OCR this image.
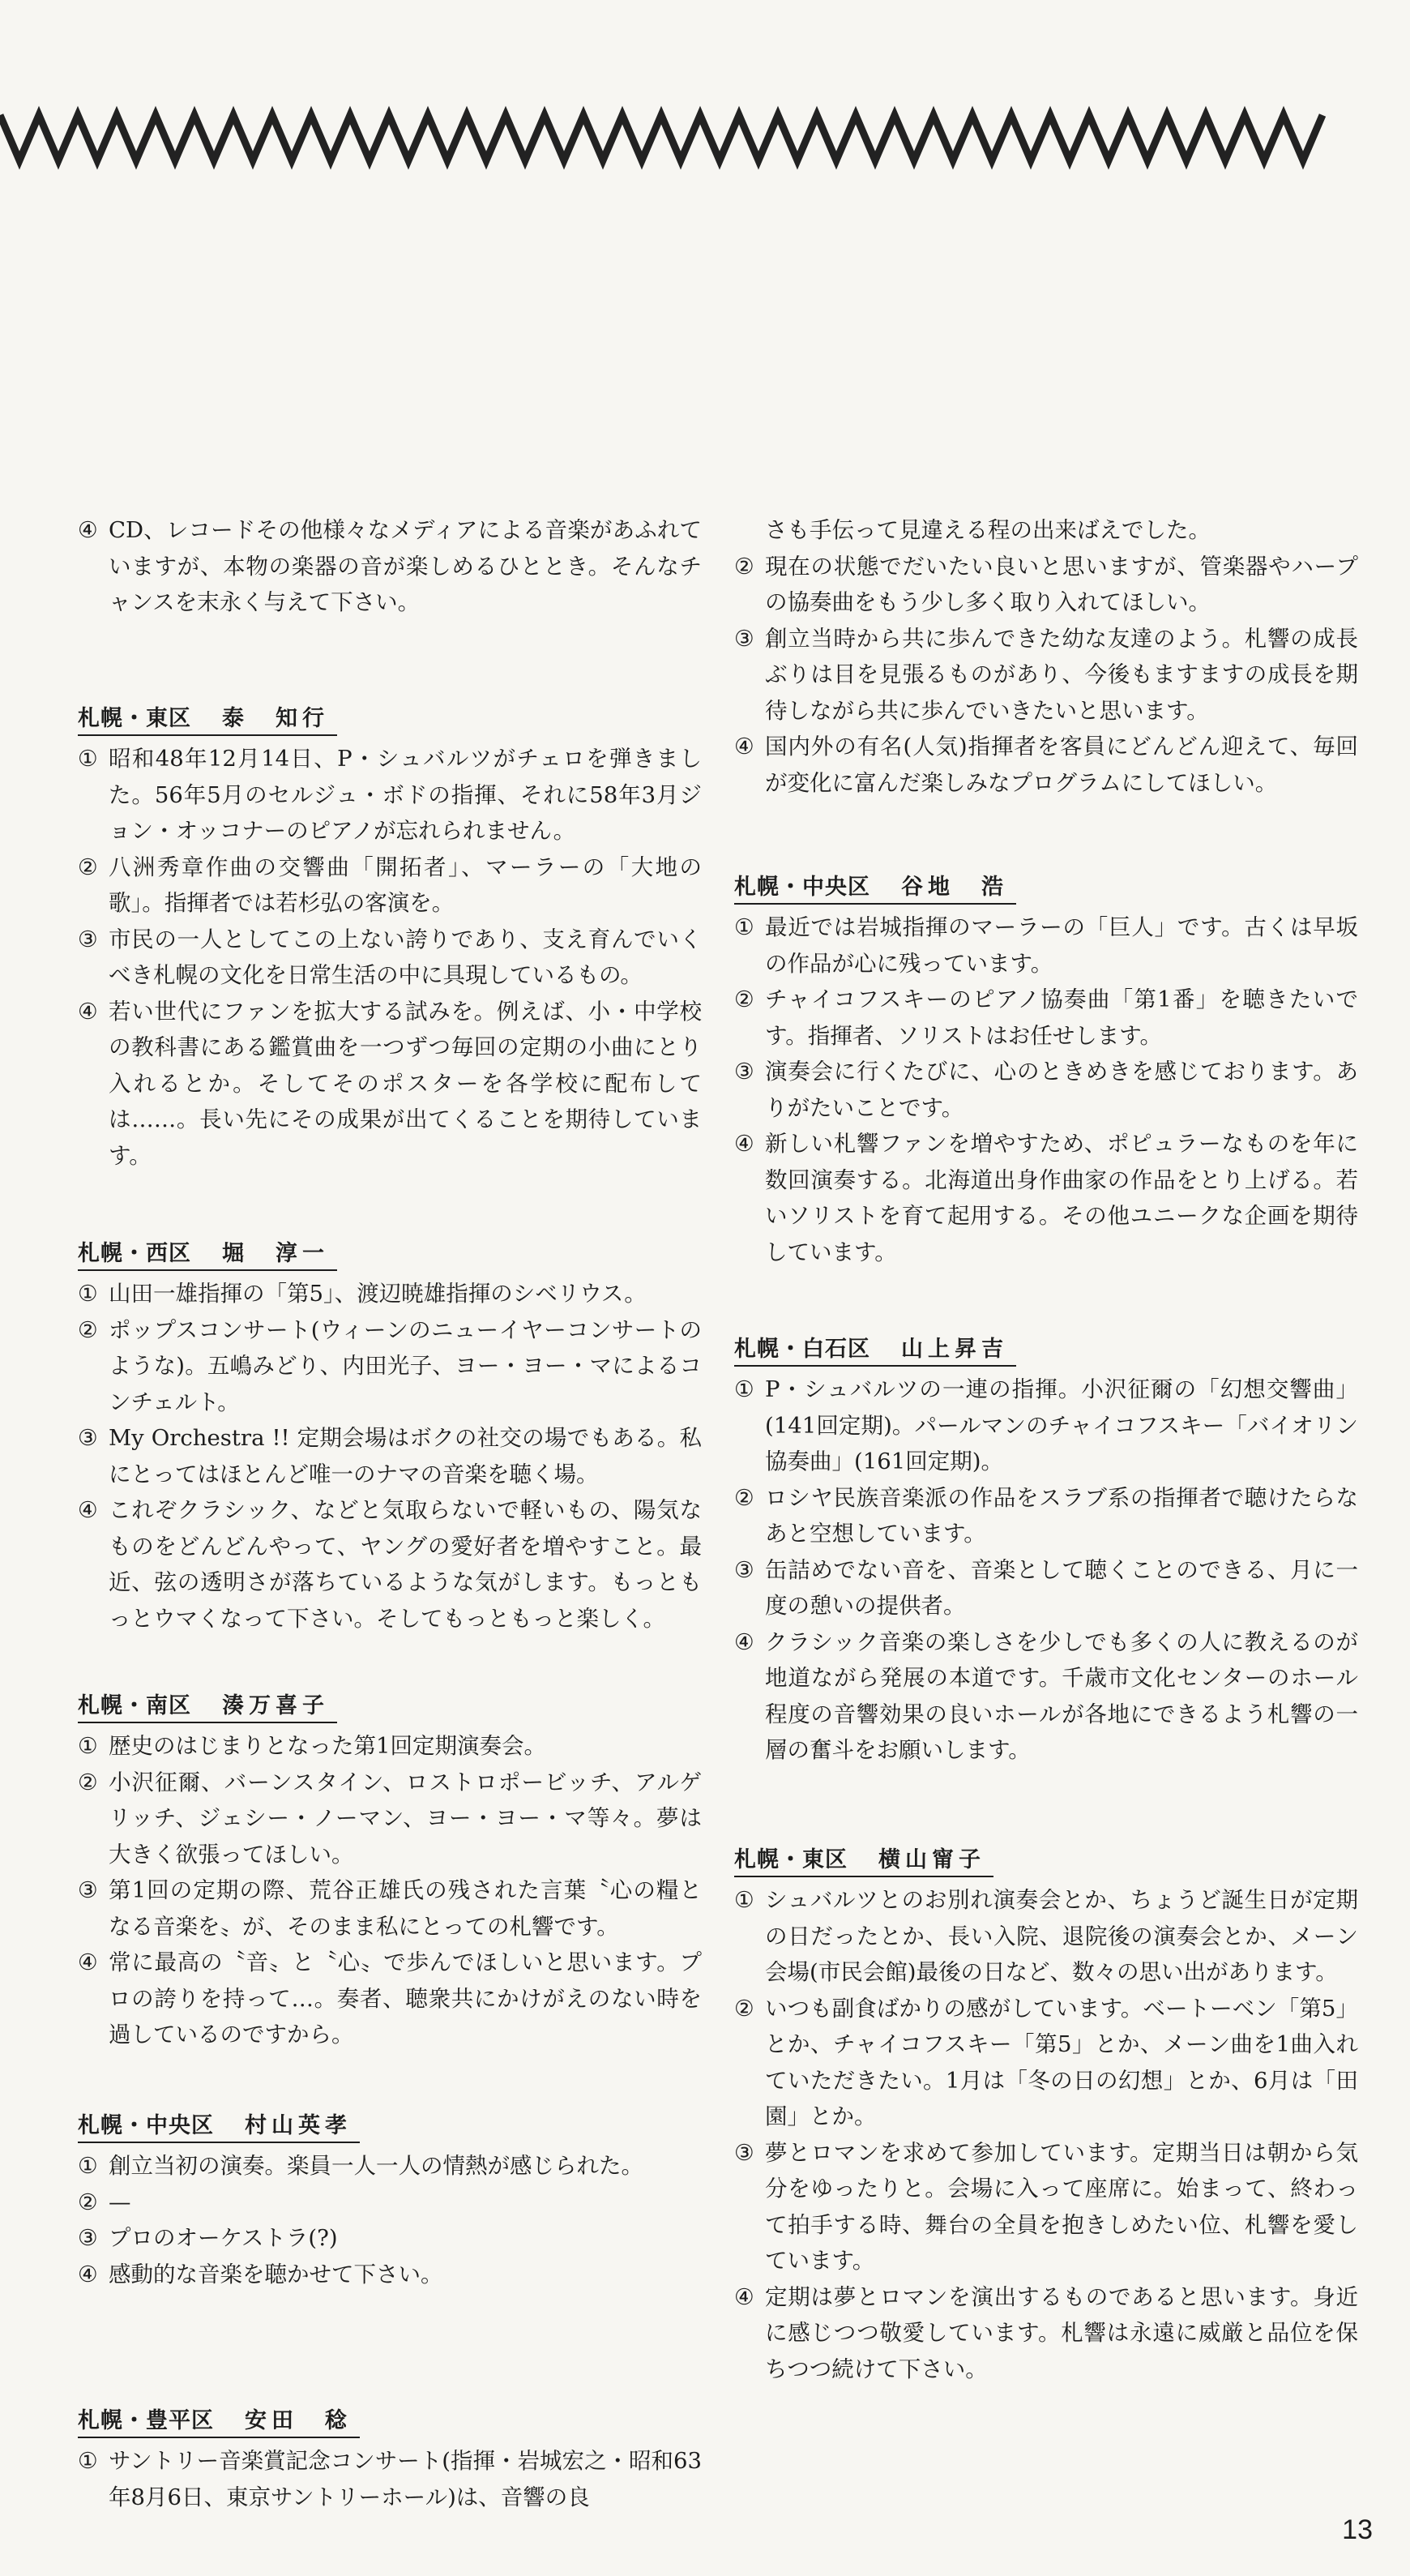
④ CD、レコードその他様々なメディアによる音楽があふれていますが、本物の楽器の音が楽しめるひととき。そんなチャンスを末永く与えて下さい。
札幌・東区 泰　知行
① 昭和48年12月14日、P・シュバルツがチェロを弾きました。56年5月のセルジュ・ボドの指揮、それに58年3月ジョン・オッコナーのピアノが忘れられません。
② 八洲秀章作曲の交響曲「開拓者」、マーラーの「大地の歌」。指揮者では若杉弘の客演を。
③ 市民の一人としてこの上ない誇りであり、支え育んでいくべき札幌の文化を日常生活の中に具現しているもの。
④ 若い世代にファンを拡大する試みを。例えば、小・中学校の教科書にある鑑賞曲を一つずつ毎回の定期の小曲にとり入れるとか。そしてそのポスターを各学校に配布しては……。長い先にその成果が出てくることを期待しています。
札幌・西区 堀　淳一
① 山田一雄指揮の「第5」、渡辺暁雄指揮のシベリウス。
② ポップスコンサート(ウィーンのニューイヤーコンサートのような)。五嶋みどり、内田光子、ヨー・ヨー・マによるコンチェルト。
③ My Orchestra !! 定期会場はボクの社交の場でもある。私にとってはほとんど唯一のナマの音楽を聴く場。
④ これぞクラシック、などと気取らないで軽いもの、陽気なものをどんどんやって、ヤングの愛好者を増やすこと。最近、弦の透明さが落ちているような気がします。もっともっとウマくなって下さい。そしてもっともっと楽しく。
札幌・南区 湊万喜子
① 歴史のはじまりとなった第1回定期演奏会。
② 小沢征爾、バーンスタイン、ロストロポービッチ、アルゲリッチ、ジェシー・ノーマン、ヨー・ヨー・マ等々。夢は大きく欲張ってほしい。
③ 第1回の定期の際、荒谷正雄氏の残された言葉〝心の糧となる音楽を〟が、そのまま私にとっての札響です。
④ 常に最高の〝音〟と〝心〟で歩んでほしいと思います。プロの誇りを持って…。奏者、聴衆共にかけがえのない時を過しているのですから。
札幌・中央区 村山英孝
① 創立当初の演奏。楽員一人一人の情熱が感じられた。
② —
③ プロのオーケストラ(?)
④ 感動的な音楽を聴かせて下さい。
札幌・豊平区 安田　稔
① サントリー音楽賞記念コンサート(指揮・岩城宏之・昭和63年8月6日、東京サントリーホール)は、音響の良
さも手伝って見違える程の出来ばえでした。
② 現在の状態でだいたい良いと思いますが、管楽器やハープの協奏曲をもう少し多く取り入れてほしい。
③ 創立当時から共に歩んできた幼な友達のよう。札響の成長ぶりは目を見張るものがあり、今後もますますの成長を期待しながら共に歩んでいきたいと思います。
④ 国内外の有名(人気)指揮者を客員にどんどん迎えて、毎回が変化に富んだ楽しみなプログラムにしてほしい。
札幌・中央区 谷地　浩
① 最近では岩城指揮のマーラーの「巨人」です。古くは早坂の作品が心に残っています。
② チャイコフスキーのピアノ協奏曲「第1番」を聴きたいです。指揮者、ソリストはお任せします。
③ 演奏会に行くたびに、心のときめきを感じております。ありがたいことです。
④ 新しい札響ファンを増やすため、ポピュラーなものを年に数回演奏する。北海道出身作曲家の作品をとり上げる。若いソリストを育て起用する。その他ユニークな企画を期待しています。
札幌・白石区 山上昇吉
① P・シュバルツの一連の指揮。小沢征爾の「幻想交響曲」(141回定期)。パールマンのチャイコフスキー「バイオリン協奏曲」(161回定期)。
② ロシヤ民族音楽派の作品をスラブ系の指揮者で聴けたらなあと空想しています。
③ 缶詰めでない音を、音楽として聴くことのできる、月に一度の憩いの提供者。
④ クラシック音楽の楽しさを少しでも多くの人に教えるのが地道ながら発展の本道です。千歳市文化センターのホール程度の音響効果の良いホールが各地にできるよう札響の一層の奮斗をお願いします。
札幌・東区 横山甯子
① シュバルツとのお別れ演奏会とか、ちょうど誕生日が定期の日だったとか、長い入院、退院後の演奏会とか、メーン会場(市民会館)最後の日など、数々の思い出があります。
② いつも副食ばかりの感がしています。ベートーベン「第5」とか、チャイコフスキー「第5」とか、メーン曲を1曲入れていただきたい。1月は「冬の日の幻想」とか、6月は「田園」とか。
③ 夢とロマンを求めて参加しています。定期当日は朝から気分をゆったりと。会場に入って座席に。始まって、終わって拍手する時、舞台の全員を抱きしめたい位、札響を愛しています。
④ 定期は夢とロマンを演出するものであると思います。身近に感じつつ敬愛しています。札響は永遠に威厳と品位を保ちつつ続けて下さい。
13
